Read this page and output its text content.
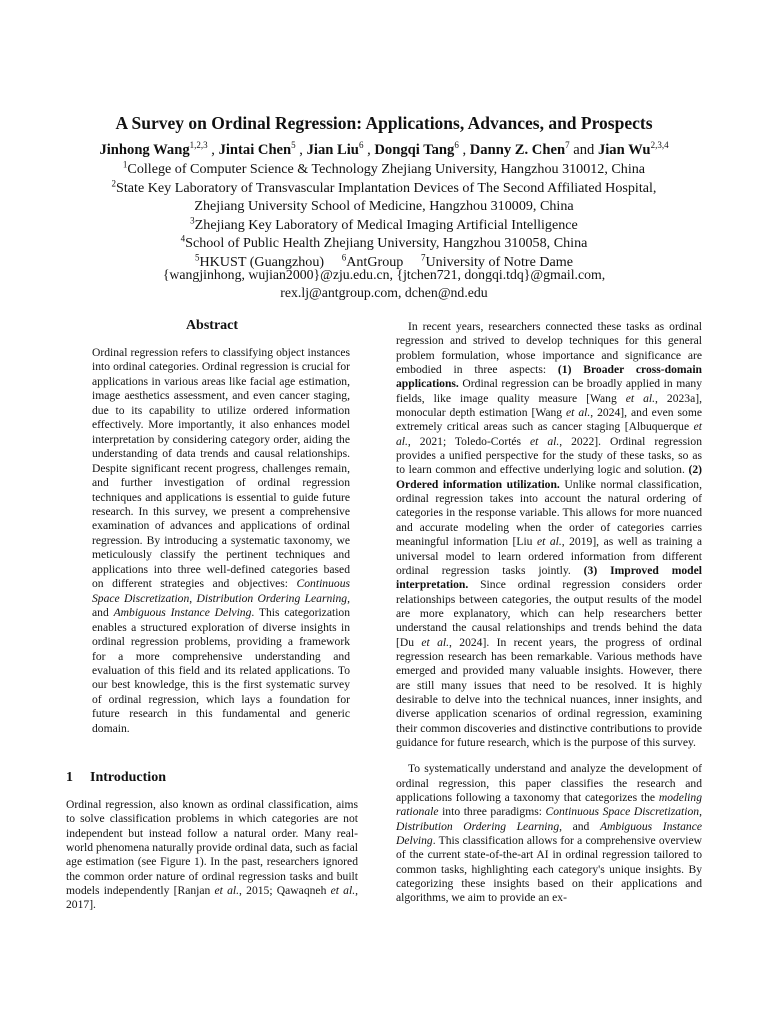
A Survey on Ordinal Regression: Applications, Advances, and Prospects
Jinhong Wang$^{1,2,3}$ , Jintai Chen$^5$ , Jian Liu$^6$ , Dongqi Tang$^6$ , Danny Z. Chen$^7$ and Jian Wu$^{2,3,4}$
$^1$College of Computer Science & Technology Zhejiang University, Hangzhou 310012, China
$^2$State Key Laboratory of Transvascular Implantation Devices of The Second Affiliated Hospital,
Zhejiang University School of Medicine, Hangzhou 310009, China
$^3$Zhejiang Key Laboratory of Medical Imaging Artificial Intelligence
$^4$School of Public Health Zhejiang University, Hangzhou 310058, China
$^5$HKUST (Guangzhou) $^6$AntGroup $^7$University of Notre Dame
{wangjinhong, wujian2000}@zju.edu.cn, {jtchen721, dongqi.tdq}@gmail.com,
rex.lj@antgroup.com, dchen@nd.edu
Abstract
Ordinal regression refers to classifying object instances into ordinal categories. Ordinal regression is crucial for applications in various areas like facial age estimation, image aesthetics assessment, and even cancer staging, due to its capability to utilize ordered information effectively. More importantly, it also enhances model interpretation by considering category order, aiding the understanding of data trends and causal relationships. Despite significant recent progress, challenges remain, and further investigation of ordinal regression techniques and applications is essential to guide future research. In this survey, we present a comprehensive examination of advances and applications of ordinal regression. By introducing a systematic taxonomy, we meticulously classify the pertinent techniques and applications into three well-defined categories based on different strategies and objectives: Continuous Space Discretization, Distribution Ordering Learning, and Ambiguous Instance Delving. This categorization enables a structured exploration of diverse insights in ordinal regression problems, providing a framework for a more comprehensive understanding and evaluation of this field and its related applications. To our best knowledge, this is the first systematic survey of ordinal regression, which lays a foundation for future research in this fundamental and generic domain.
1 Introduction

Ordinal regression, also known as ordinal classification, aims to solve classification problems in which categories are not independent but instead follow a natural order. Many real-world phenomena naturally provide ordinal data, such as facial age estimation (see Figure 1). In the past, researchers ignored the common order nature of ordinal regression tasks and built models independently [Ranjan et al., 2015; Qawaqneh et al., 2017].

In recent years, researchers connected these tasks as ordinal regression and strived to develop techniques for this general problem formulation, whose importance and significance are embodied in three aspects: (1) Broader cross-domain applications. Ordinal regression can be broadly applied in many fields, like image quality measure [Wang et al., 2023a], monocular depth estimation [Wang et al., 2024], and even some extremely critical areas such as cancer staging [Albuquerque et al., 2021; Toledo-Cortés et al., 2022]. Ordinal regression provides a unified perspective for the study of these tasks, so as to learn common and effective underlying logic and solution. (2) Ordered information utilization. Unlike normal classification, ordinal regression takes into account the natural ordering of categories in the response variable. This allows for more nuanced and accurate modeling when the order of categories carries meaningful information [Liu et al., 2019], as well as training a universal model to learn ordered information from different ordinal regression tasks jointly. (3) Improved model interpretation. Since ordinal regression considers order relationships between categories, the output results of the model are more explanatory, which can help researchers better understand the causal relationships and trends behind the data [Du et al., 2024]. In recent years, the progress of ordinal regression research has been remarkable. Various methods have emerged and provided many valuable insights. However, there are still many issues that need to be resolved. It is highly desirable to delve into the technical nuances, inner insights, and diverse application scenarios of ordinal regression, examining their common discoveries and distinctive contributions to provide guidance for future research, which is the purpose of this survey.

To systematically understand and analyze the development of ordinal regression, this paper classifies the research and applications following a taxonomy that categorizes the modeling rationale into three paradigms: Continuous Space Discretization, Distribution Ordering Learning, and Ambiguous Instance Delving. This classification allows for a comprehensive overview of the current state-of-the-art AI in ordinal regression tailored to common tasks, highlighting each category's unique insights. By categorizing these insights based on their applications and algorithms, we aim to provide an ex-
